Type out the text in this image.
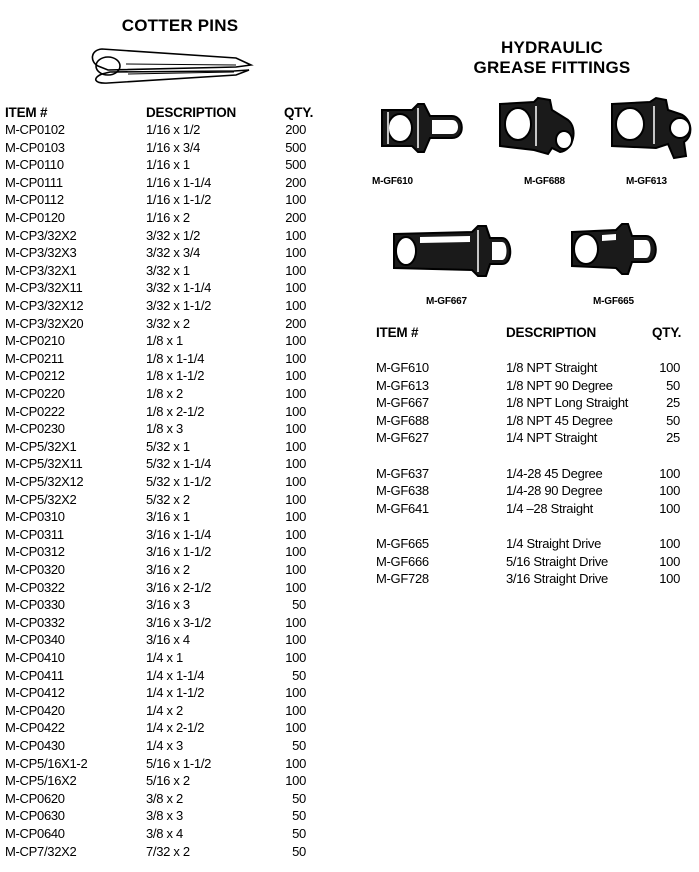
COTTER PINS
ITEM #	DESCRIPTION	QTY.
M-CP0102	1/16 x 1/2	200
M-CP0103	1/16 x 3/4	500
M-CP0110	1/16 x 1	500
M-CP0111	1/16 x 1-1/4	200
M-CP0112	1/16 x 1-1/2	100
M-CP0120	1/16 x 2	200
M-CP3/32X2	3/32 x 1/2	100
M-CP3/32X3	3/32 x 3/4	100
M-CP3/32X1	3/32 x 1	100
M-CP3/32X11	3/32 x 1-1/4	100
M-CP3/32X12	3/32 x 1-1/2	100
M-CP3/32X20	3/32 x 2	200
M-CP0210	1/8 x 1	100
M-CP0211	1/8 x 1-1/4	100
M-CP0212	1/8 x 1-1/2	100
M-CP0220	1/8 x 2	100
M-CP0222	1/8 x 2-1/2	100
M-CP0230	1/8 x 3	100
M-CP5/32X1	5/32 x 1	100
M-CP5/32X11	5/32 x 1-1/4	100
M-CP5/32X12	5/32 x 1-1/2	100
M-CP5/32X2	5/32 x 2	100
M-CP0310	3/16 x 1	100
M-CP0311	3/16 x 1-1/4	100
M-CP0312	3/16 x 1-1/2	100
M-CP0320	3/16 x 2	100
M-CP0322	3/16 x 2-1/2	100
M-CP0330	3/16 x 3	50
M-CP0332	3/16 x 3-1/2	100
M-CP0340	3/16 x 4	100
M-CP0410	1/4 x 1	100
M-CP0411	1/4 x 1-1/4	50
M-CP0412	1/4 x 1-1/2	100
M-CP0420	1/4 x 2	100
M-CP0422	1/4 x 2-1/2	100
M-CP0430	1/4 x 3	50
M-CP5/16X1-2	5/16 x 1-1/2	100
M-CP5/16X2	5/16 x 2	100
M-CP0620	3/8 x 2	50
M-CP0630	3/8 x 3	50
M-CP0640	3/8 x 4	50
M-CP7/32X2	7/32 x 2	50
HYDRAULIC
GREASE FITTINGS
M-GF610	M-GF688	M-GF613
M-GF667	M-GF665
ITEM #	DESCRIPTION	QTY.
M-GF610	1/8 NPT Straight	100
M-GF613	1/8 NPT 90 Degree	50
M-GF667	1/8 NPT Long Straight	25
M-GF688	1/8 NPT 45 Degree	50
M-GF627	1/4 NPT Straight	25
M-GF637	1/4-28 45 Degree	100
M-GF638	1/4-28 90 Degree	100
M-GF641	1/4 –28 Straight	100
M-GF665	1/4 Straight Drive	100
M-GF666	5/16 Straight Drive	100
M-GF728	3/16 Straight Drive	100
